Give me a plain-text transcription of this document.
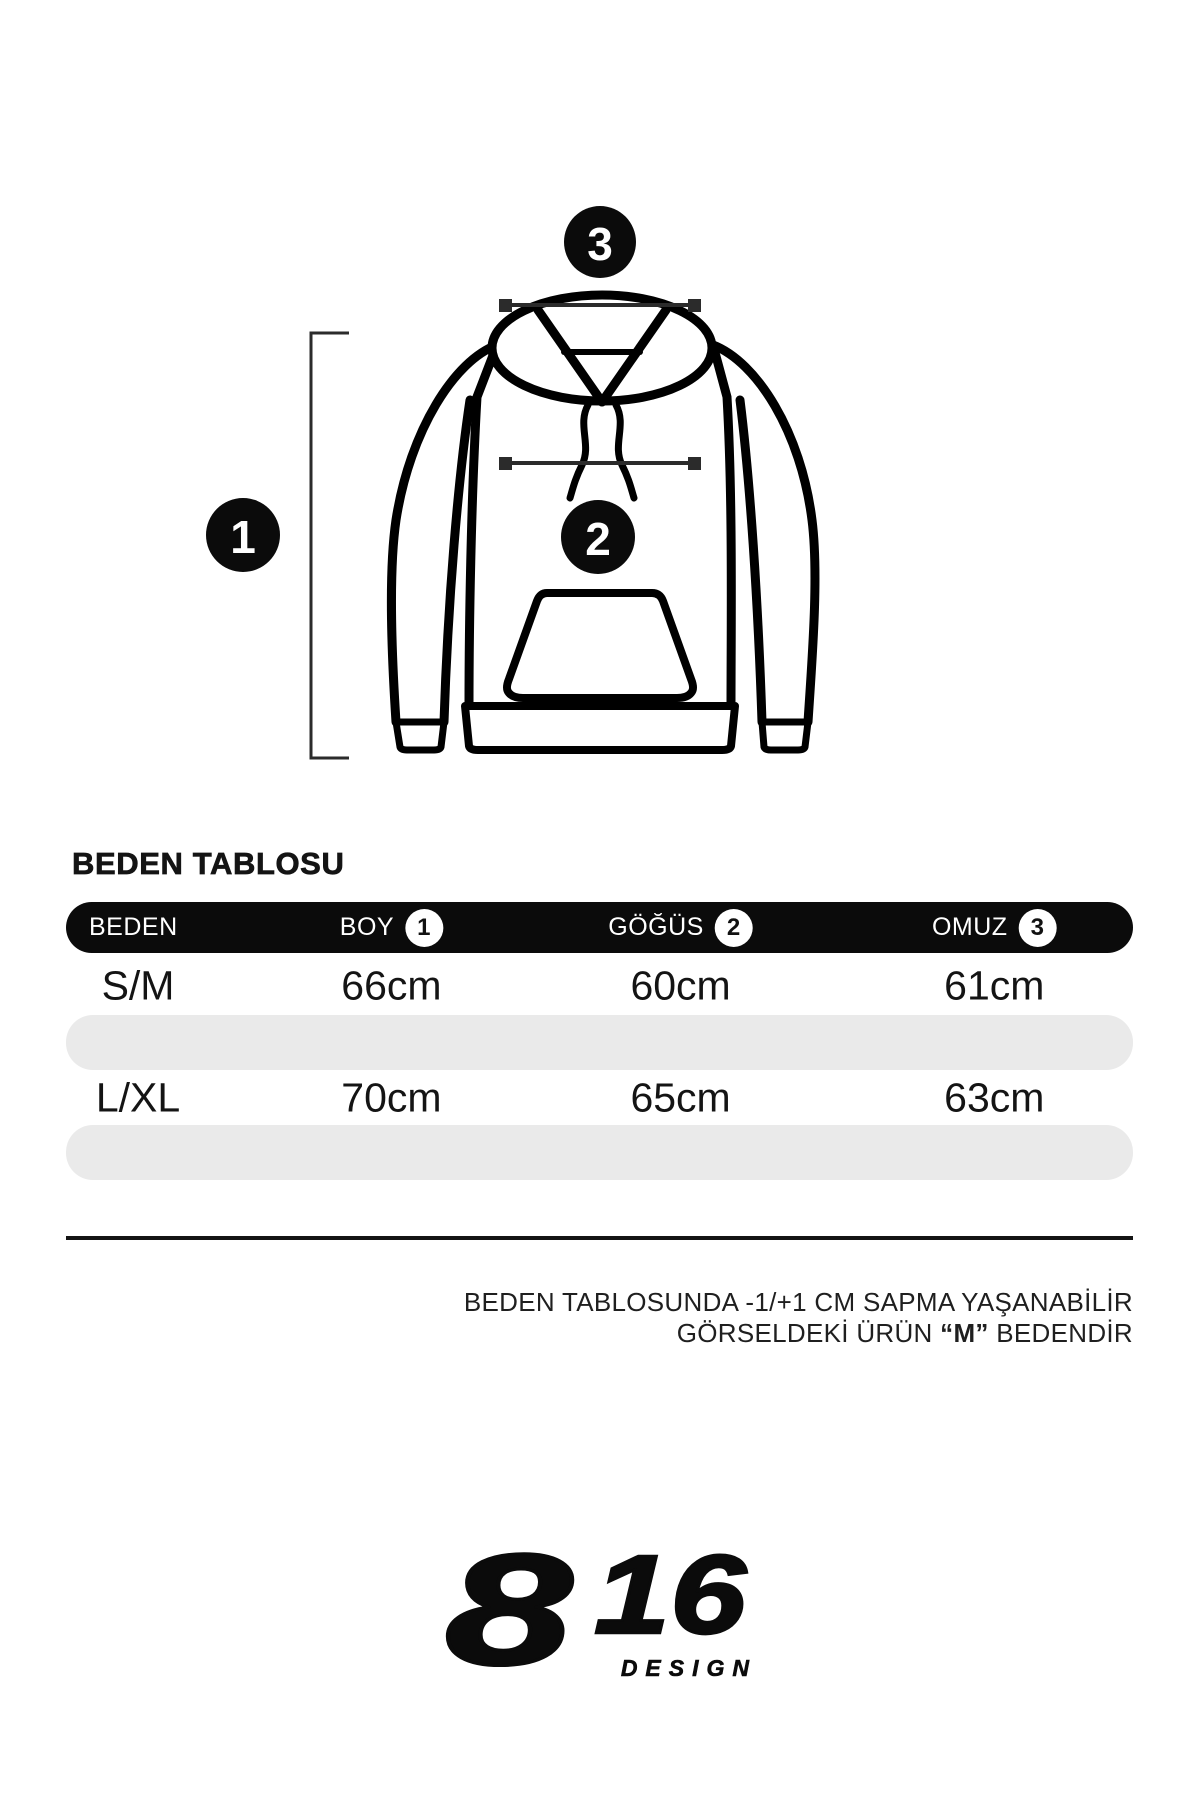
3
2
1
BEDEN TABLOSU
BEDEN	BOY 1	GÖĞÜS 2	OMUZ 3
S/M	66cm	60cm	61cm
L/XL	70cm	65cm	63cm
BEDEN TABLOSUNDA -1/+1 CM SAPMA YAŞANABİLİR
GÖRSELDEKİ ÜRÜN “M” BEDENDİR
8 16
DESIGN
